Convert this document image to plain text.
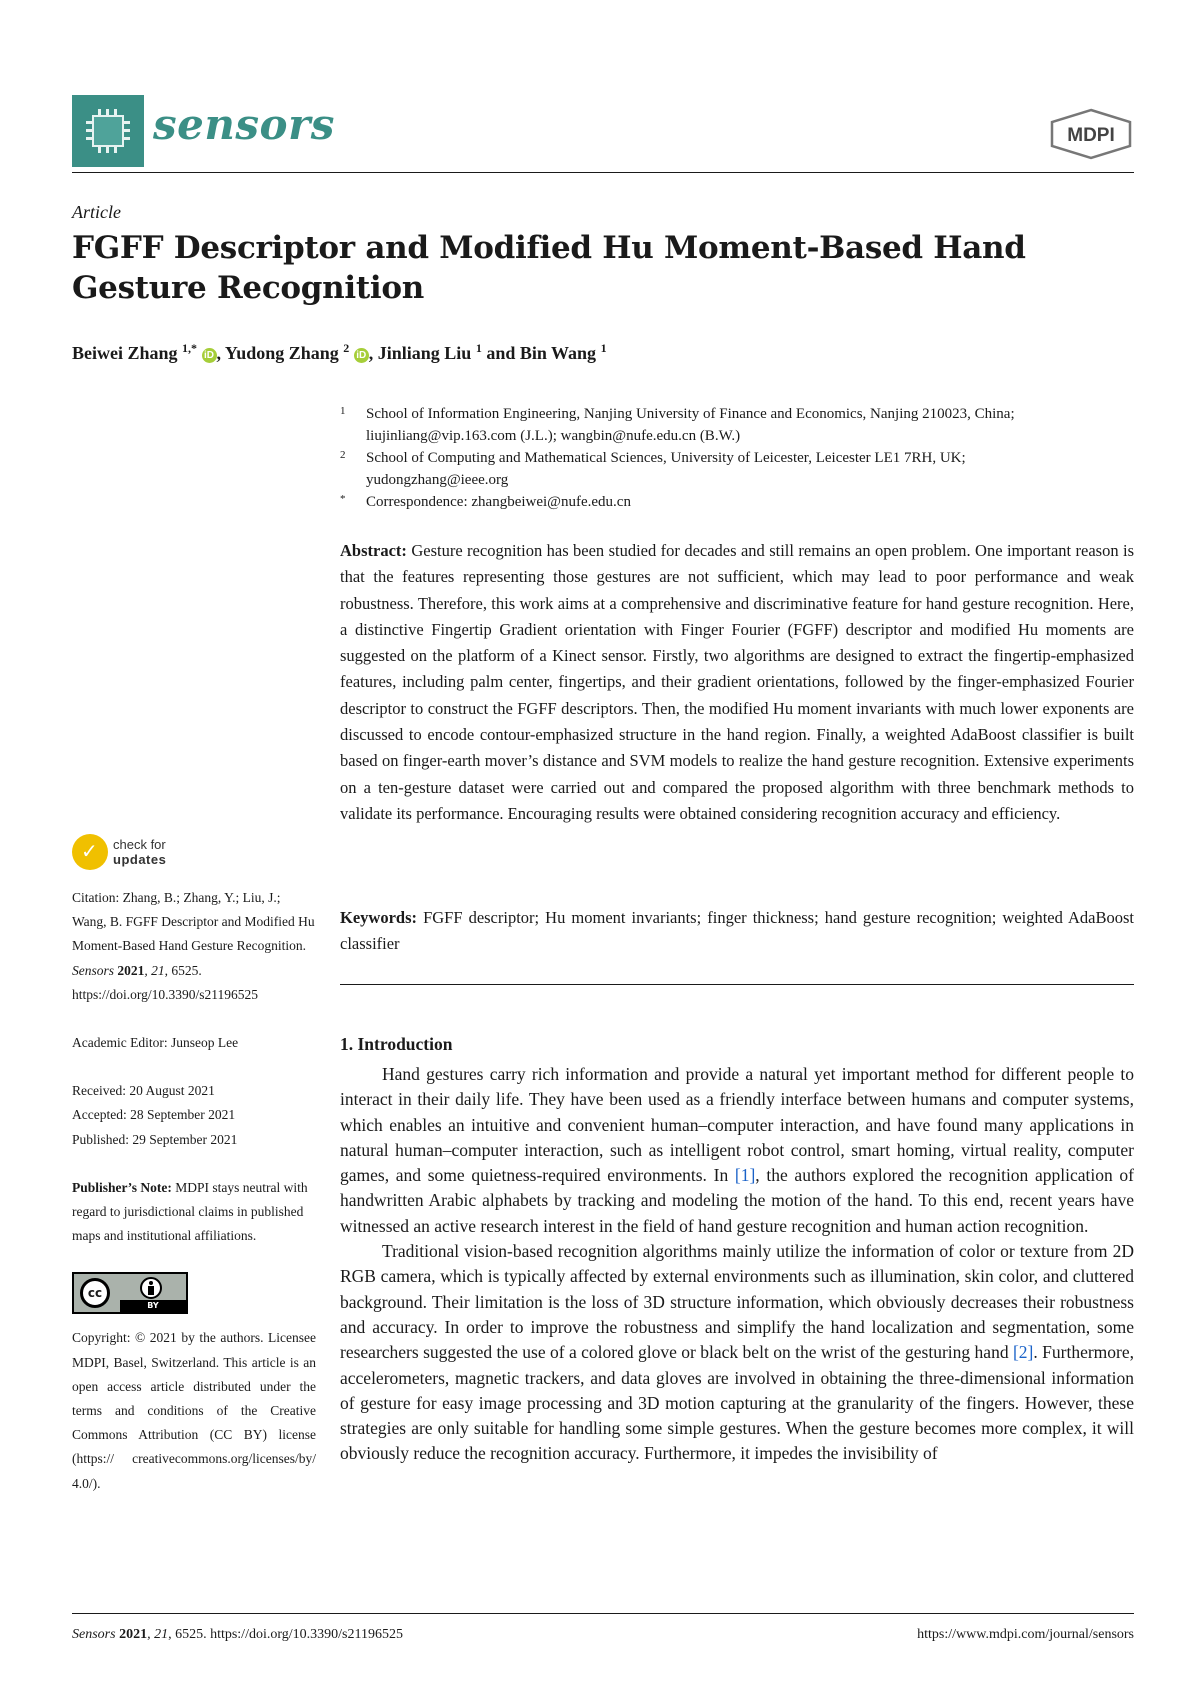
sensors	MDPI
Article
FGFF Descriptor and Modified Hu Moment-Based Hand
Gesture Recognition
Beiwei Zhang $^{1,*}$ iD , Yudong Zhang $^2$ iD , Jinliang Liu $^1$ and Bin Wang $^1$
1 School of Information Engineering, Nanjing University of Finance and Economics, Nanjing 210023, China;
liujinliang@vip.163.com (J.L.); wangbin@nufe.edu.cn (B.W.)
2 School of Computing and Mathematical Sciences, University of Leicester, Leicester LE1 7RH, UK;
yudongzhang@ieee.org
* Correspondence: zhangbeiwei@nufe.edu.cn
Abstract: Gesture recognition has been studied for decades and still remains an open problem. One important reason is that the features representing those gestures are not sufficient, which may lead to poor performance and weak robustness. Therefore, this work aims at a comprehensive and discriminative feature for hand gesture recognition. Here, a distinctive Fingertip Gradient orientation with Finger Fourier (FGFF) descriptor and modified Hu moments are suggested on the platform of a Kinect sensor. Firstly, two algorithms are designed to extract the fingertip-emphasized features, including palm center, fingertips, and their gradient orientations, followed by the finger-emphasized Fourier descriptor to construct the FGFF descriptors. Then, the modified Hu moment invariants with much lower exponents are discussed to encode contour-emphasized structure in the hand region. Finally, a weighted AdaBoost classifier is built based on finger-earth mover’s distance and SVM models to realize the hand gesture recognition. Extensive experiments on a ten-gesture dataset were carried out and compared the proposed algorithm with three benchmark methods to validate its performance. Encouraging results were obtained considering recognition accuracy and efficiency.
Keywords: FGFF descriptor; Hu moment invariants; finger thickness; hand gesture recognition; weighted AdaBoost classifier
1. Introduction

Hand gestures carry rich information and provide a natural yet important method for different people to interact in their daily life. They have been used as a friendly interface between humans and computer systems, which enables an intuitive and convenient human–computer interaction, and have found many applications in natural human–computer interaction, such as intelligent robot control, smart homing, virtual reality, computer games, and some quietness-required environments. In [1], the authors explored the recognition application of handwritten Arabic alphabets by tracking and modeling the motion of the hand. To this end, recent years have witnessed an active research interest in the field of hand gesture recognition and human action recognition.

Traditional vision-based recognition algorithms mainly utilize the information of color or texture from 2D RGB camera, which is typically affected by external environments such as illumination, skin color, and cluttered background. Their limitation is the loss of 3D structure information, which obviously decreases their robustness and accuracy. In order to improve the robustness and simplify the hand localization and segmentation, some researchers suggested the use of a colored glove or black belt on the wrist of the gesturing hand [2]. Furthermore, accelerometers, magnetic trackers, and data gloves are involved in obtaining the three-dimensional information of gesture for easy image processing and 3D motion capturing at the granularity of the fingers. However, these strategies are only suitable for handling some simple gestures. When the gesture becomes more complex, it will obviously reduce the recognition accuracy. Furthermore, it impedes the invisibility of

✓ check for
updates
Citation: Zhang, B.; Zhang, Y.; Liu, J.; Wang, B. FGFF Descriptor and Modified Hu Moment-Based Hand Gesture Recognition. Sensors 2021, 21, 6525. https://doi.org/10.3390/s21196525
Academic Editor: Junseop Lee
Received: 20 August 2021
Accepted: 28 September 2021
Published: 29 September 2021
Publisher’s Note: MDPI stays neutral with regard to jurisdictional claims in published maps and institutional affiliations.
cc
BY
Copyright: © 2021 by the authors. Licensee MDPI, Basel, Switzerland. This article is an open access article distributed under the terms and conditions of the Creative Commons Attribution (CC BY) license (https:// creativecommons.org/licenses/by/ 4.0/).
Sensors 2021, 21, 6525. https://doi.org/10.3390/s21196525	https://www.mdpi.com/journal/sensors
